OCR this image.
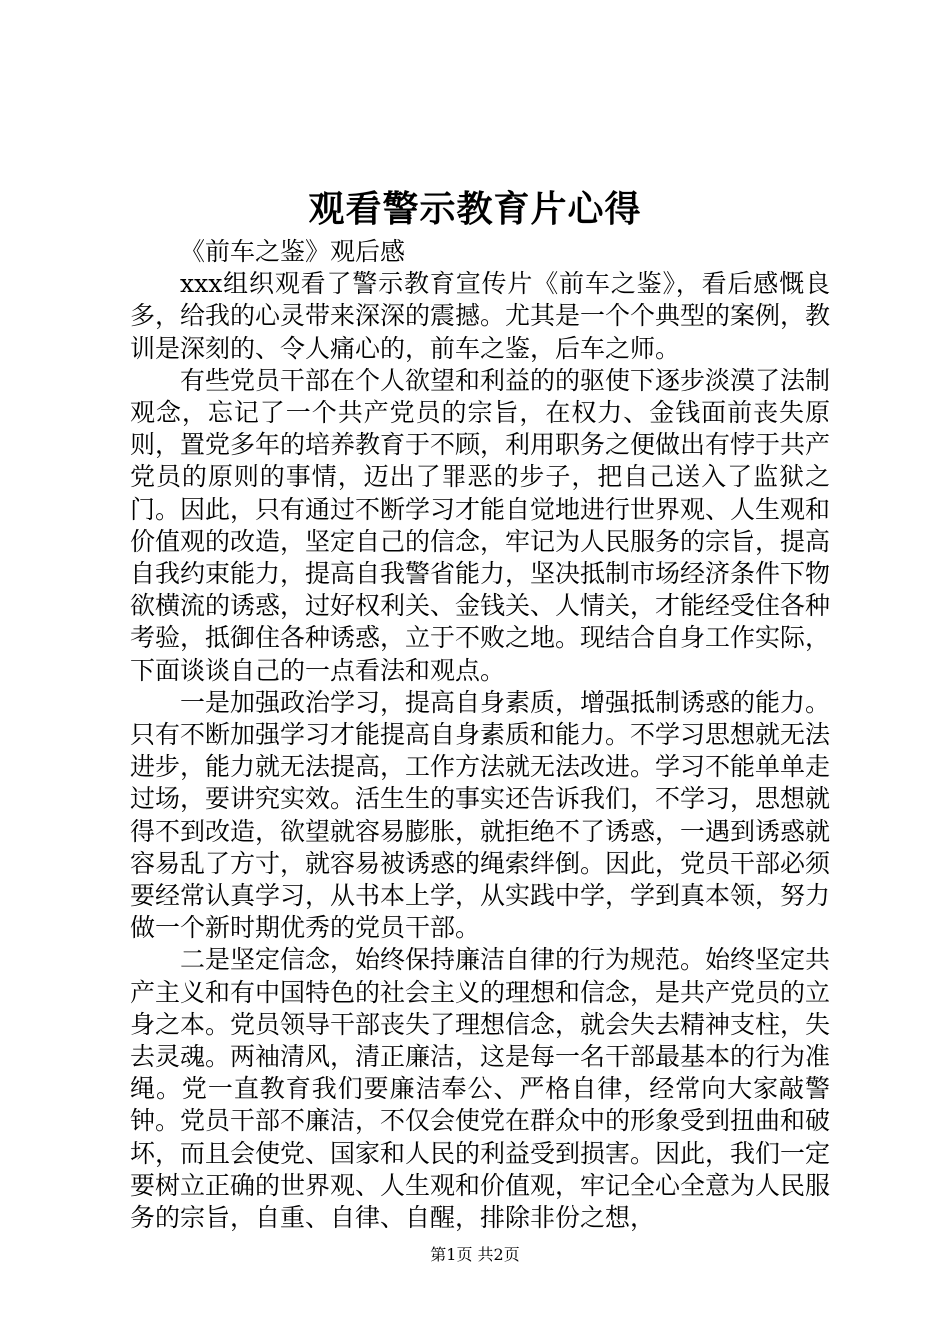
观看警示教育片心得

《前车之鉴》观后感

xxx组织观看了警示教育宣传片《前车之鉴》，看后感慨良多，给我的心灵带来深深的震撼。尤其是一个个典型的案例，教训是深刻的、令人痛心的，前车之鉴，后车之师。

有些党员干部在个人欲望和利益的的驱使下逐步淡漠了法制观念，忘记了一个共产党员的宗旨，在权力、金钱面前丧失原则，置党多年的培养教育于不顾，利用职务之便做出有悖于共产党员的原则的事情，迈出了罪恶的步子，把自己送入了监狱之门。因此，只有通过不断学习才能自觉地进行世界观、人生观和价值观的改造，坚定自己的信念，牢记为人民服务的宗旨，提高自我约束能力，提高自我警省能力，坚决抵制市场经济条件下物欲横流的诱惑，过好权利关、金钱关、人情关，才能经受住各种考验，抵御住各种诱惑，立于不败之地。现结合自身工作实际，下面谈谈自己的一点看法和观点。

一是加强政治学习，提高自身素质，增强抵制诱惑的能力。只有不断加强学习才能提高自身素质和能力。不学习思想就无法进步，能力就无法提高，工作方法就无法改进。学习不能单单走过场，要讲究实效。活生生的事实还告诉我们，不学习，思想就得不到改造，欲望就容易膨胀，就拒绝不了诱惑，一遇到诱惑就容易乱了方寸，就容易被诱惑的绳索绊倒。因此，党员干部必须要经常认真学习，从书本上学，从实践中学，学到真本领，努力做一个新时期优秀的党员干部。

二是坚定信念，始终保持廉洁自律的行为规范。始终坚定共产主义和有中国特色的社会主义的理想和信念，是共产党员的立身之本。党员领导干部丧失了理想信念，就会失去精神支柱，失去灵魂。两袖清风，清正廉洁，这是每一名干部最基本的行为准绳。党一直教育我们要廉洁奉公、严格自律，经常向大家敲警钟。党员干部不廉洁，不仅会使党在群众中的形象受到扭曲和破坏，而且会使党、国家和人民的利益受到损害。因此，我们一定要树立正确的世界观、人生观和价值观，牢记全心全意为人民服务的宗旨，自重、自律、自醒，排除非份之想，

第1页 共2页
